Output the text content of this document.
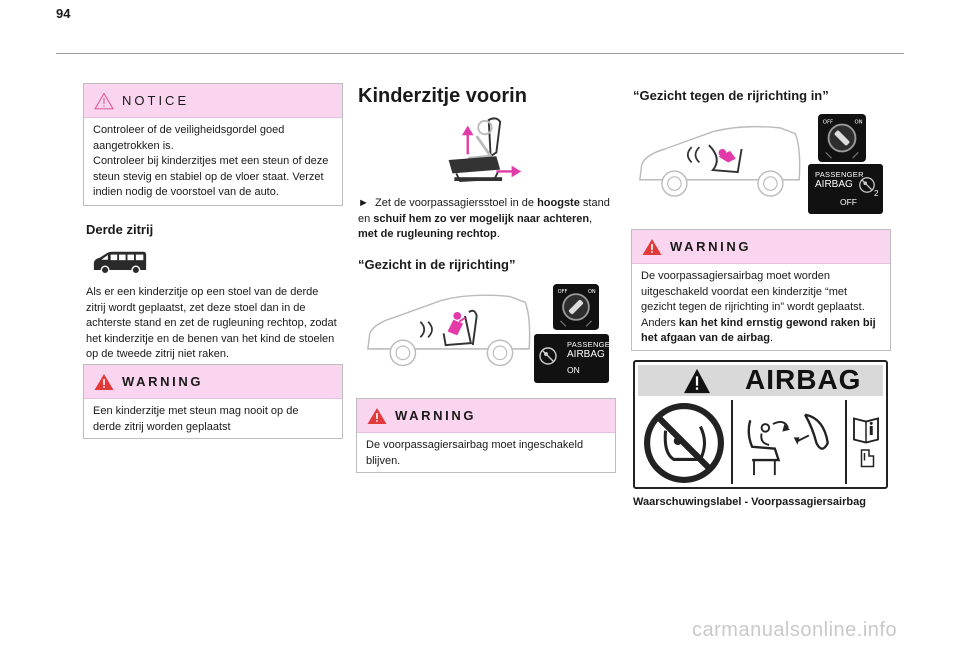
94
NOTICE

Controleer of de veiligheidsgordel goed

aangetrokken is.

Controleer bij kinderzitjes met een steun of deze

steun stevig en stabiel op de vloer staat. Verzet

indien nodig de voorstoel van de auto.

Derde zitrij

Als er een kinderzitje op een stoel van de derde

zitrij wordt geplaatst, zet deze stoel dan in de

achterste stand en zet de rugleuning rechtop, zodat

het kinderzitje en de benen van het kind de stoelen

op de tweede zitrij niet raken.

WARNING

Een kinderzitje met steun mag nooit op de

derde zitrij worden geplaatst

Kinderzitje voorin

► Zet de voorpassagiersstoel in de hoogste stand

en schuif hem zo ver mogelijk naar achteren,

met de rugleuning rechtop.

“Gezicht in de rijrichting”
OFF	ON
PASSENGER
AIRBAG
ON
WARNING

De voorpassagiersairbag moet ingeschakeld

blijven.

“Gezicht tegen de rijrichting in”
OFF	ON
PASSENGER
AIRBAG
2
OFF
WARNING

De voorpassagiersairbag moet worden

uitgeschakeld voordat een kinderzitje “met

gezicht tegen de rijrichting in” wordt geplaatst.

Anders kan het kind ernstig gewond raken bij

het afgaan van de airbag.

AIRBAG
Waarschuwingslabel - Voorpassagiersairbag
carmanualsonline.info
